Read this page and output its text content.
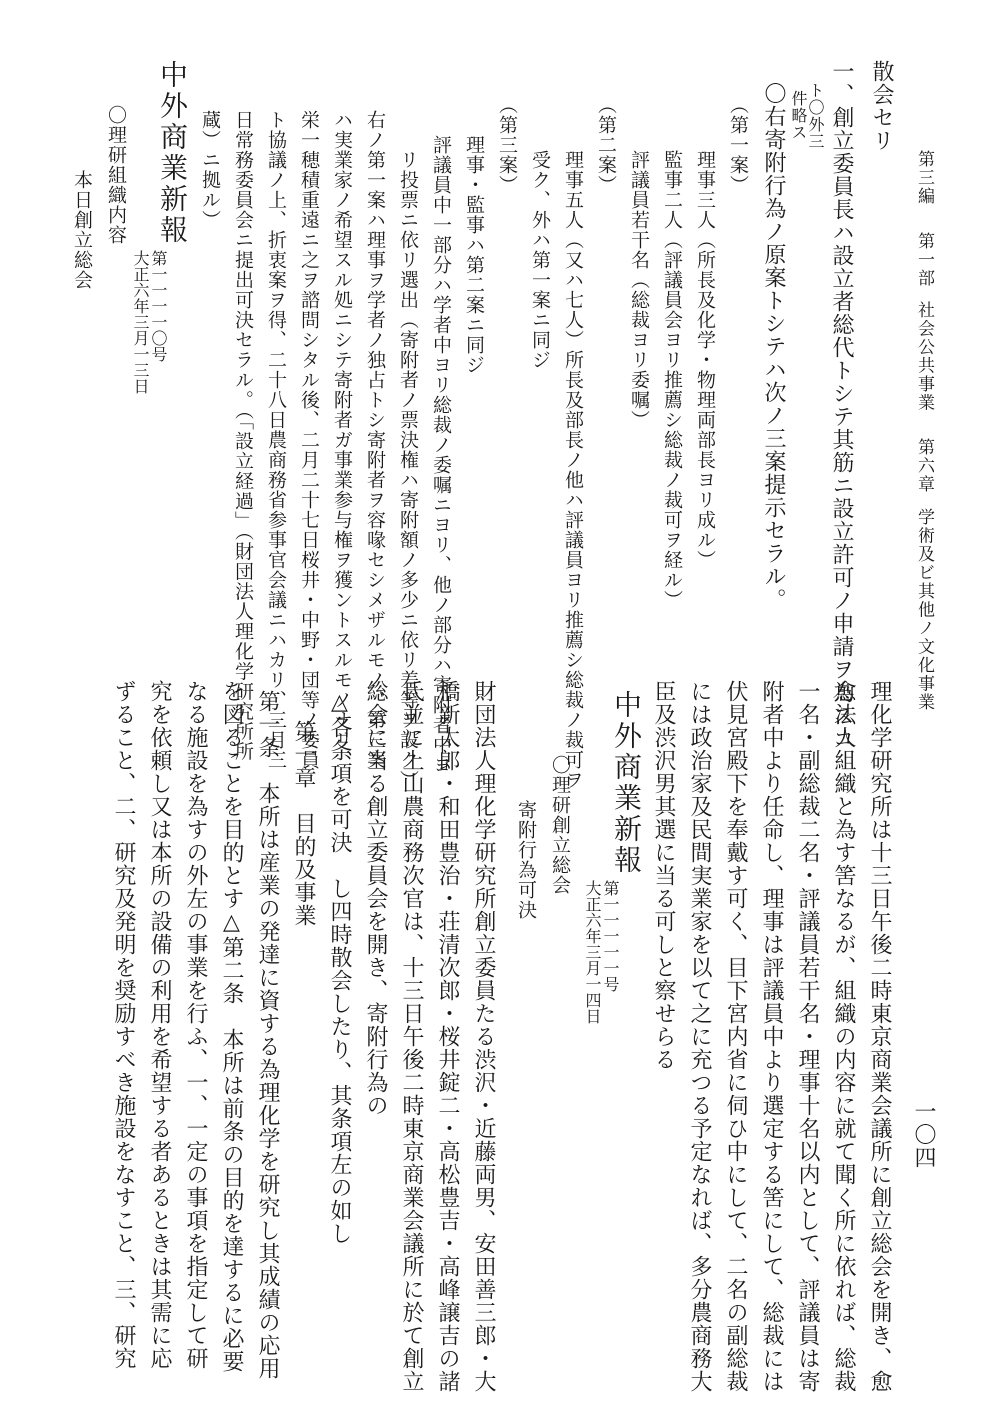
第三編第一部社会公共事業第六章学術及ビ其他ノ文化事業
一〇四
散会セリ
一、創立委員長ハ設立者総代トシテ其筋ニ設立許可ノ申請ヲ為スコ
ト〇外三
件略ス
〇右寄附行為ノ原案トシテハ次ノ三案提示セラル。
（第一案）
理事三人（所長及化学・物理両部長ヨリ成ル）
監事二人（評議員会ヨリ推薦シ総裁ノ裁可ヲ経ル）
評議員若干名（総裁ヨリ委嘱）
（第二案）
理事五人（又ハ七人）所長及部長ノ他ハ評議員ヨリ推薦シ総裁ノ裁可ヲ
受ク、外ハ第一案ニ同ジ
（第三案）
理事・監事ハ第二案ニ同ジ
評議員中一部分ハ学者中ヨリ総裁ノ委嘱ニヨリ、他ノ部分ハ寄附者中ヨ
リ投票ニ依リ選出（寄附者ノ票決権ハ寄附額ノ多少ニ依リ差等ヲ設ク）
右ノ第一案ハ理事ヲ学者ノ独占トシ寄附者ヲ容喙セシメザルモノ、第三案
ハ実業家ノ希望スル処ニシテ寄附者ガ事業参与権ヲ獲ントスルモノナリ、
栄一穂積重遠ニ之ヲ諮問シタル後、二月二十七日桜井・中野・団等ノ委員
ト協議ノ上、折衷案ヲ得、二十八日農商務省参事官会議ニハカリ、三月三
日常務委員会ニ提出可決セラル。（「設立経過」（財団法人理化学研究所所
蔵）ニ拠ル）
中外商業新報
第一一一一〇号
大正六年三月一三日
〇理研組織内容
本日創立総会
理化学研究所は十三日午後二時東京商業会議所に創立総会を開き、愈
愈法人組織と為す筈なるが、組織の内容に就て聞く所に依れば、総裁
一名・副総裁二名・評議員若干名・理事十名以内として、評議員は寄
附者中より任命し、理事は評議員中より選定する筈にして、総裁には
伏見宮殿下を奉戴す可く、目下宮内省に伺ひ中にして、二名の副総裁
には政治家及民間実業家を以て之に充つる予定なれば、多分農商務大
臣及渋沢男其選に当る可しと察せらる
中外商業新報
第一一一一一号
大正六年三月一四日
〇理研創立総会
寄附行為可決
財団法人理化学研究所創立委員たる渋沢・近藤両男、安田善三郎・大
橋新太郎・和田豊治・荘清次郎・桜井錠二・高松豊吉・高峰譲吉の諸
氏並に上山農商務次官は、十三日午後二時東京商業会議所に於て創立
総会に当る創立委員会を開き、寄附行為の
△各条項を可決　し四時散会したり、其条項左の如し
第一章　目的及事業
第一条　本所は産業の発達に資する為理化学を研究し其成績の応用
を図ることを目的とす△第二条　本所は前条の目的を達するに必要
なる施設を為すの外左の事業を行ふ、一、一定の事項を指定して研
究を依頼し又は本所の設備の利用を希望する者あるときは其需に応
ずること、二、研究及発明を奨励すべき施設をなすこと、三、研究
